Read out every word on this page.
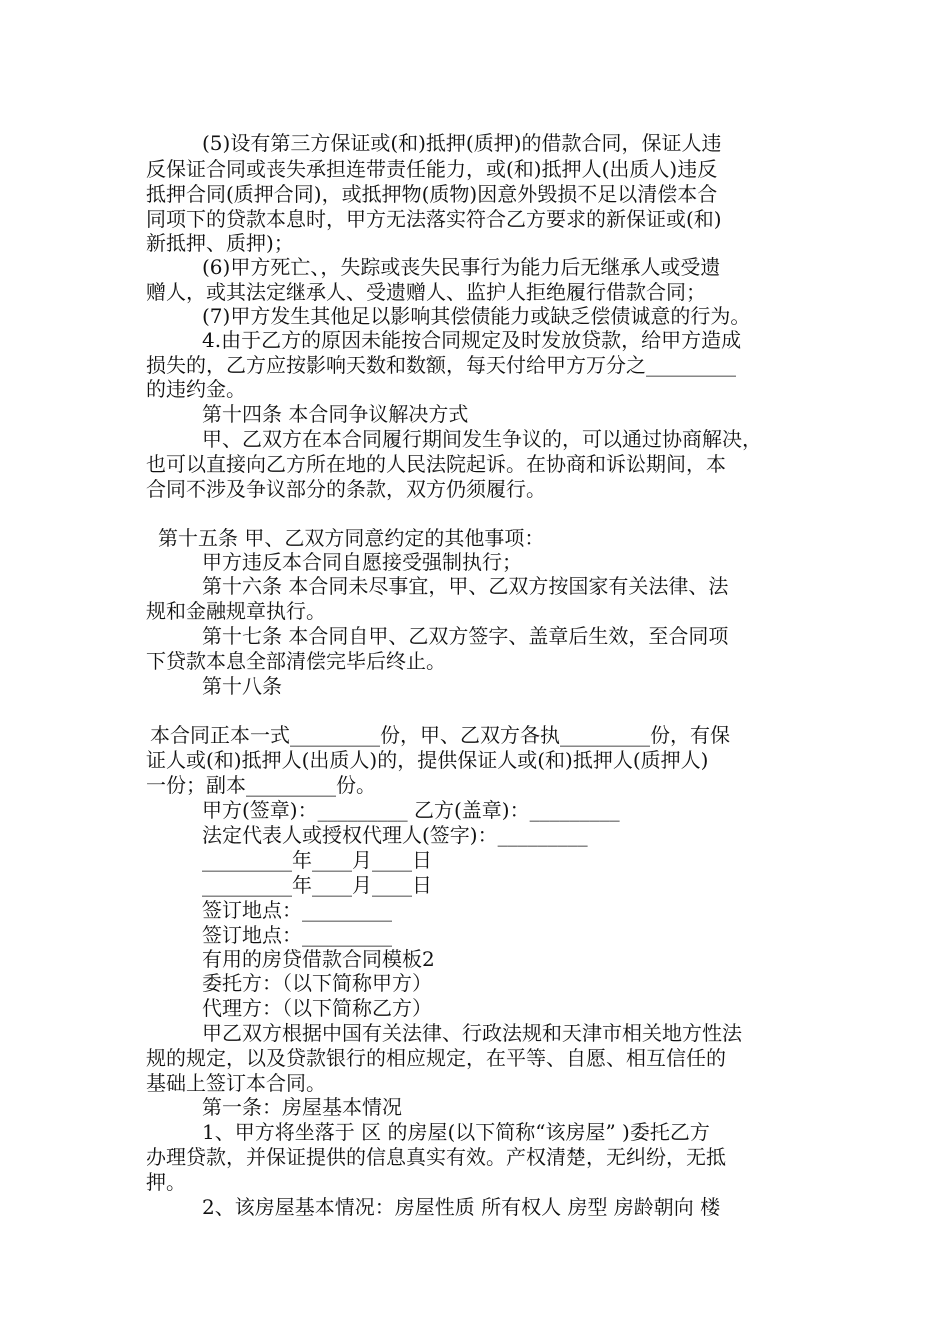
(5)设有第三方保证或(和)抵押(质押)的借款合同，保证人违
反保证合同或丧失承担连带责任能力，或(和)抵押人(出质人)违反
抵押合同(质押合同)，或抵押物(质物)因意外毁损不足以清偿本合
同项下的贷款本息时，甲方无法落实符合乙方要求的新保证或(和)
新抵押、质押)；
(6)甲方死亡、，失踪或丧失民事行为能力后无继承人或受遗
赠人，或其法定继承人、受遗赠人、监护人拒绝履行借款合同；
(7)甲方发生其他足以影响其偿债能力或缺乏偿债诚意的行为。
4.由于乙方的原因未能按合同规定及时发放贷款，给甲方造成
损失的，乙方应按影响天数和数额，每天付给甲方万分之_________
的违约金。
第十四条 本合同争议解决方式
甲、乙双方在本合同履行期间发生争议的，可以通过协商解决，
也可以直接向乙方所在地的人民法院起诉。在协商和诉讼期间，本
合同不涉及争议部分的条款，双方仍须履行。
第十五条 甲、乙双方同意约定的其他事项：
甲方违反本合同自愿接受强制执行；
第十六条 本合同未尽事宜，甲、乙双方按国家有关法律、法
规和金融规章执行。
第十七条 本合同自甲、乙双方签字、盖章后生效，至合同项
下贷款本息全部清偿完毕后终止。
第十八条
本合同正本一式_________份，甲、乙双方各执_________份，有保
证人或(和)抵押人(出质人)的，提供保证人或(和)抵押人(质押人)
一份；副本_________份。
甲方(签章)：_________ 乙方(盖章)：_________
法定代表人或授权代理人(签字)：_________
_________年____月____日
_________年____月____日
签订地点：_________
签订地点：_________
有用的房贷借款合同模板2
委托方：（以下简称甲方）
代理方：（以下简称乙方）
甲乙双方根据中国有关法律、行政法规和天津市相关地方性法
规的规定，以及贷款银行的相应规定，在平等、自愿、相互信任的
基础上签订本合同。
第一条：房屋基本情况
1、甲方将坐落于 区 的房屋(以下简称“该房屋” )委托乙方
办理贷款，并保证提供的信息真实有效。产权清楚，无纠纷，无抵
押。
2、该房屋基本情况：房屋性质 所有权人 房型 房龄朝向 楼
